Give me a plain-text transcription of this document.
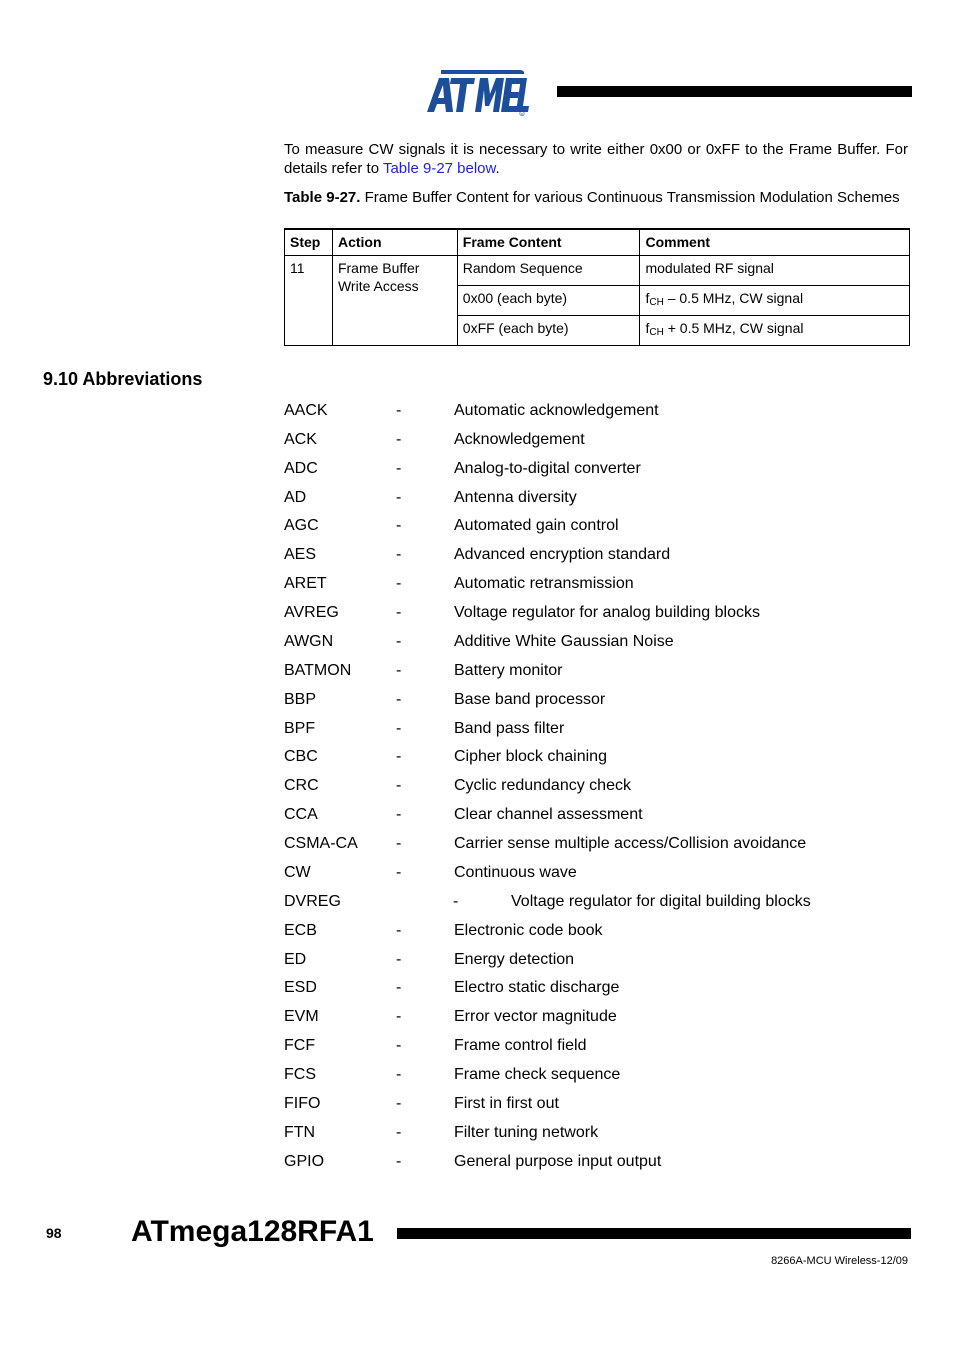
R
To measure CW signals it is necessary to write either 0x00 or 0xFF to the Frame Buffer. For details refer to Table 9-27 below.
Table 9-27. Frame Buffer Content for various Continuous Transmission Modulation Schemes
Step	Action	Frame Content	Comment
11	Frame Buffer Write Access	Random Sequence	modulated RF signal
		0x00 (each byte)	$f_{CH} - 0.5$ MHz, CW signal
		0xFF (each byte)	$f_{CH} + 0.5$ MHz, CW signal
9.10 Abbreviations
AACK	-	Automatic acknowledgement
ACK	-	Acknowledgement
ADC	-	Analog-to-digital converter
AD	-	Antenna diversity
AGC	-	Automated gain control
AES	-	Advanced encryption standard
ARET	-	Automatic retransmission
AVREG	-	Voltage regulator for analog building blocks
AWGN	-	Additive White Gaussian Noise
BATMON	-	Battery monitor
BBP	-	Base band processor
BPF	-	Band pass filter
CBC	-	Cipher block chaining
CRC	-	Cyclic redundancy check
CCA	-	Clear channel assessment
CSMA-CA -	Carrier sense multiple access/Collision avoidance
CW	-	Continuous wave
DVREG	-	Voltage regulator for digital building blocks
ECB	-	Electronic code book
ED	-	Energy detection
ESD	-	Electro static discharge
EVM	-	Error vector magnitude
FCF	-	Frame control field
FCS	-	Frame check sequence
FIFO	-	First in first out
FTN	-	Filter tuning network
GPIO	-	General purpose input output
98 ATmega128RFA1
8266A-MCU Wireless-12/09
